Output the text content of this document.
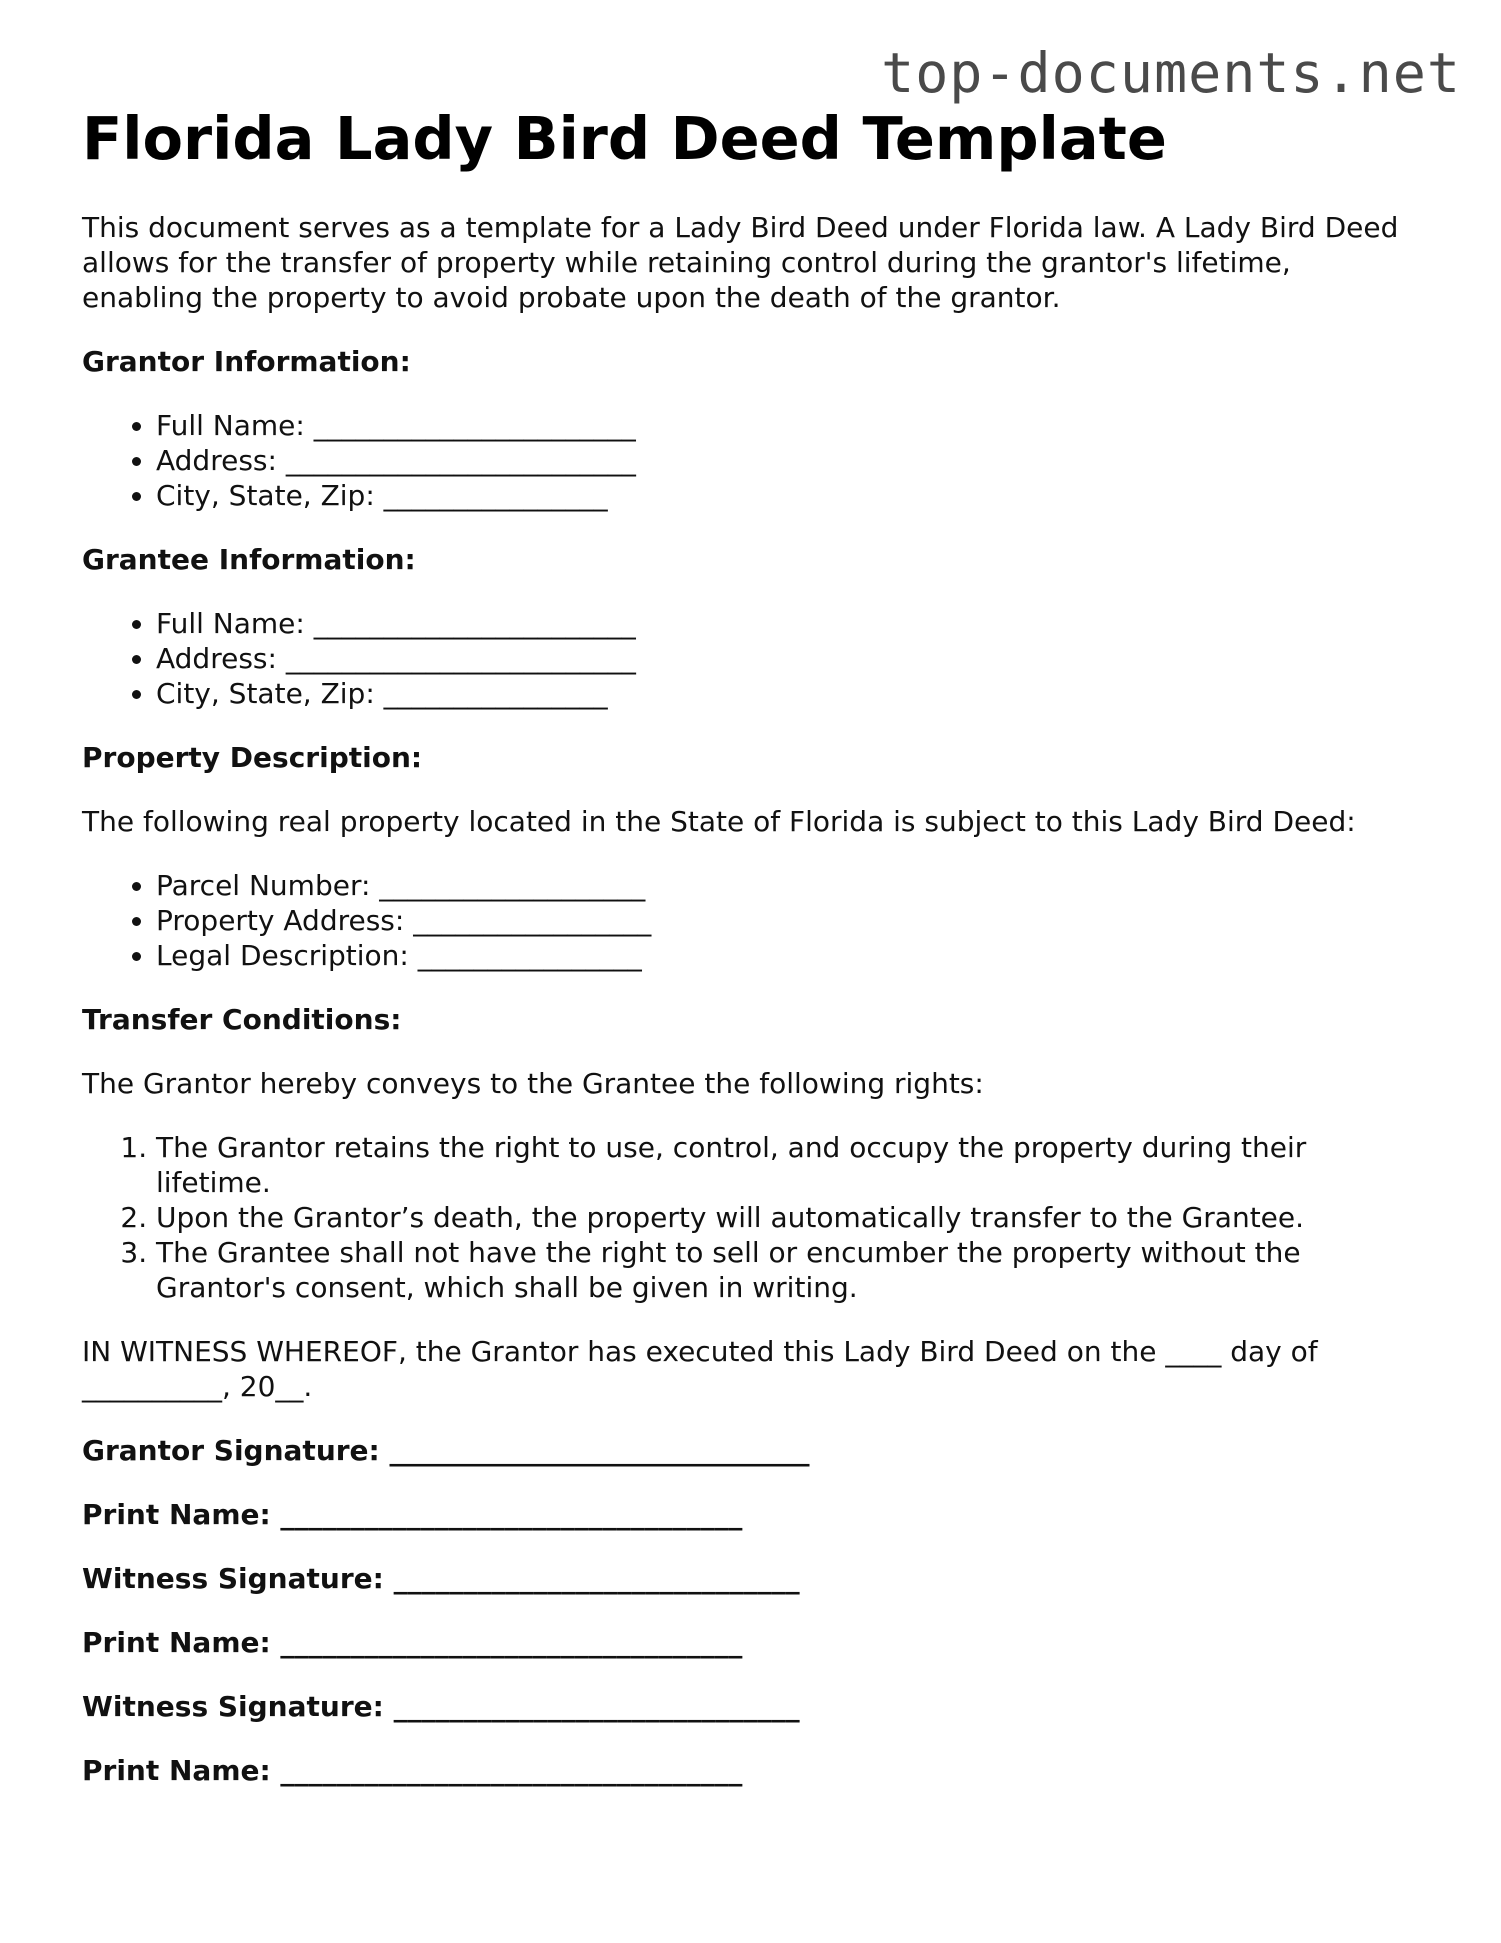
top-documents.net
Florida Lady Bird Deed Template

This document serves as a template for a Lady Bird Deed under Florida law. A Lady Bird Deed allows for the transfer of property while retaining control during the grantor's lifetime, enabling the property to avoid probate upon the death of the grantor.

Grantor Information:

• Full Name: _______________________
• Address: _________________________
• City, State, Zip: ________________

Grantee Information:

• Full Name: _______________________
• Address: _________________________
• City, State, Zip: ________________

Property Description:

The following real property located in the State of Florida is subject to this Lady Bird Deed:

• Parcel Number: ___________________
• Property Address: _________________
• Legal Description: ________________

Transfer Conditions:

The Grantor hereby conveys to the Grantee the following rights:

1. The Grantor retains the right to use, control, and occupy the property during their lifetime.
2. Upon the Grantor’s death, the property will automatically transfer to the Grantee.
3. The Grantee shall not have the right to sell or encumber the property without the Grantor's consent, which shall be given in writing.

IN WITNESS WHEREOF, the Grantor has executed this Lady Bird Deed on the ____ day of __________, 20__.

Grantor Signature: ______________________________

Print Name: _________________________________

Witness Signature: _____________________________

Print Name: _________________________________

Witness Signature: _____________________________

Print Name: _________________________________
